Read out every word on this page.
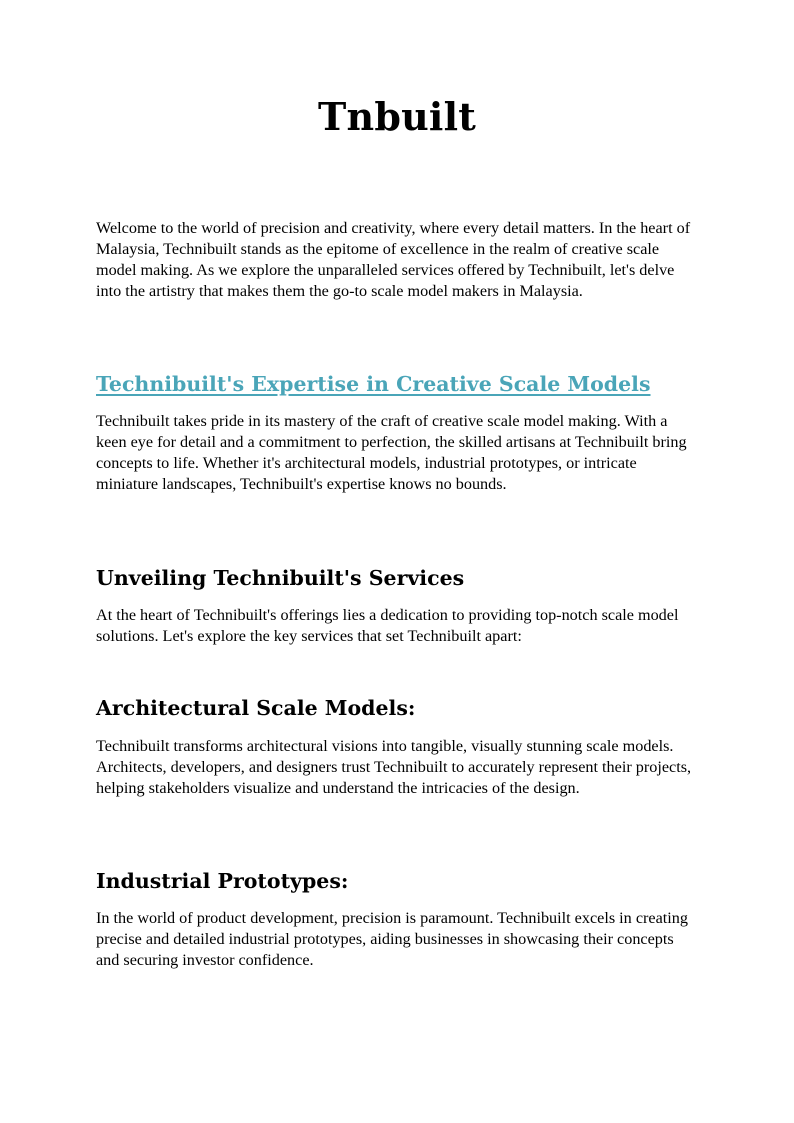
Tnbuilt

Welcome to the world of precision and creativity, where every detail matters. In the heart of Malaysia, Technibuilt stands as the epitome of excellence in the realm of creative scale model making. As we explore the unparalleled services offered by Technibuilt, let's delve into the artistry that makes them the go-to scale model makers in Malaysia.

Technibuilt's Expertise in Creative Scale Models

Technibuilt takes pride in its mastery of the craft of creative scale model making. With a keen eye for detail and a commitment to perfection, the skilled artisans at Technibuilt bring concepts to life. Whether it's architectural models, industrial prototypes, or intricate miniature landscapes, Technibuilt's expertise knows no bounds.

Unveiling Technibuilt's Services

At the heart of Technibuilt's offerings lies a dedication to providing top-notch scale model solutions. Let's explore the key services that set Technibuilt apart:

Architectural Scale Models:

Technibuilt transforms architectural visions into tangible, visually stunning scale models. Architects, developers, and designers trust Technibuilt to accurately represent their projects, helping stakeholders visualize and understand the intricacies of the design.

Industrial Prototypes:

In the world of product development, precision is paramount. Technibuilt excels in creating precise and detailed industrial prototypes, aiding businesses in showcasing their concepts and securing investor confidence.
